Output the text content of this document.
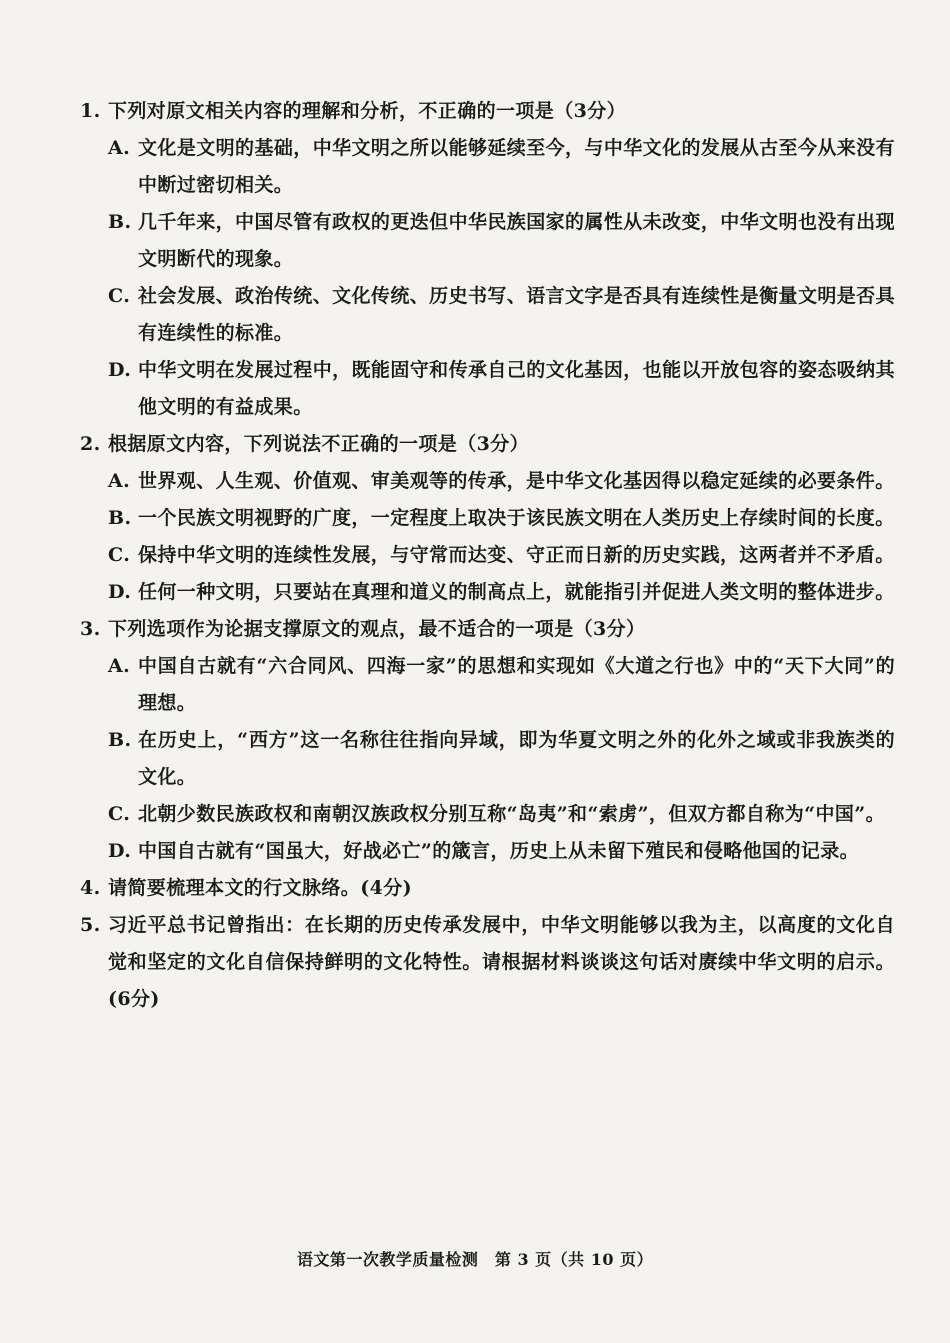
1. 下列对原文相关内容的理解和分析，不正确的一项是（3分）
A. 文化是文明的基础，中华文明之所以能够延续至今，与中华文化的发展从古至今从来没有中断过密切相关。
B. 几千年来，中国尽管有政权的更迭但中华民族国家的属性从未改变，中华文明也没有出现文明断代的现象。
C. 社会发展、政治传统、文化传统、历史书写、语言文字是否具有连续性是衡量文明是否具有连续性的标准。
D. 中华文明在发展过程中，既能固守和传承自己的文化基因，也能以开放包容的姿态吸纳其他文明的有益成果。
2. 根据原文内容，下列说法不正确的一项是（3分）
A. 世界观、人生观、价值观、审美观等的传承，是中华文化基因得以稳定延续的必要条件。
B. 一个民族文明视野的广度，一定程度上取决于该民族文明在人类历史上存续时间的长度。
C. 保持中华文明的连续性发展，与守常而达变、守正而日新的历史实践，这两者并不矛盾。
D. 任何一种文明，只要站在真理和道义的制高点上，就能指引并促进人类文明的整体进步。
3. 下列选项作为论据支撑原文的观点，最不适合的一项是（3分）
A. 中国自古就有“六合同风、四海一家”的思想和实现如《大道之行也》中的“天下大同”的理想。
B. 在历史上，“西方”这一名称往往指向异域，即为华夏文明之外的化外之域或非我族类的文化。
C. 北朝少数民族政权和南朝汉族政权分别互称“岛夷”和“索虏”，但双方都自称为“中国”。
D. 中国自古就有“国虽大，好战必亡”的箴言，历史上从未留下殖民和侵略他国的记录。
4. 请简要梳理本文的行文脉络。(4分)
5. 习近平总书记曾指出：在长期的历史传承发展中，中华文明能够以我为主，以高度的文化自觉和坚定的文化自信保持鲜明的文化特性。请根据材料谈谈这句话对赓续中华文明的启示。(6分)
语文第一次教学质量检测　第 3 页（共 10 页）
